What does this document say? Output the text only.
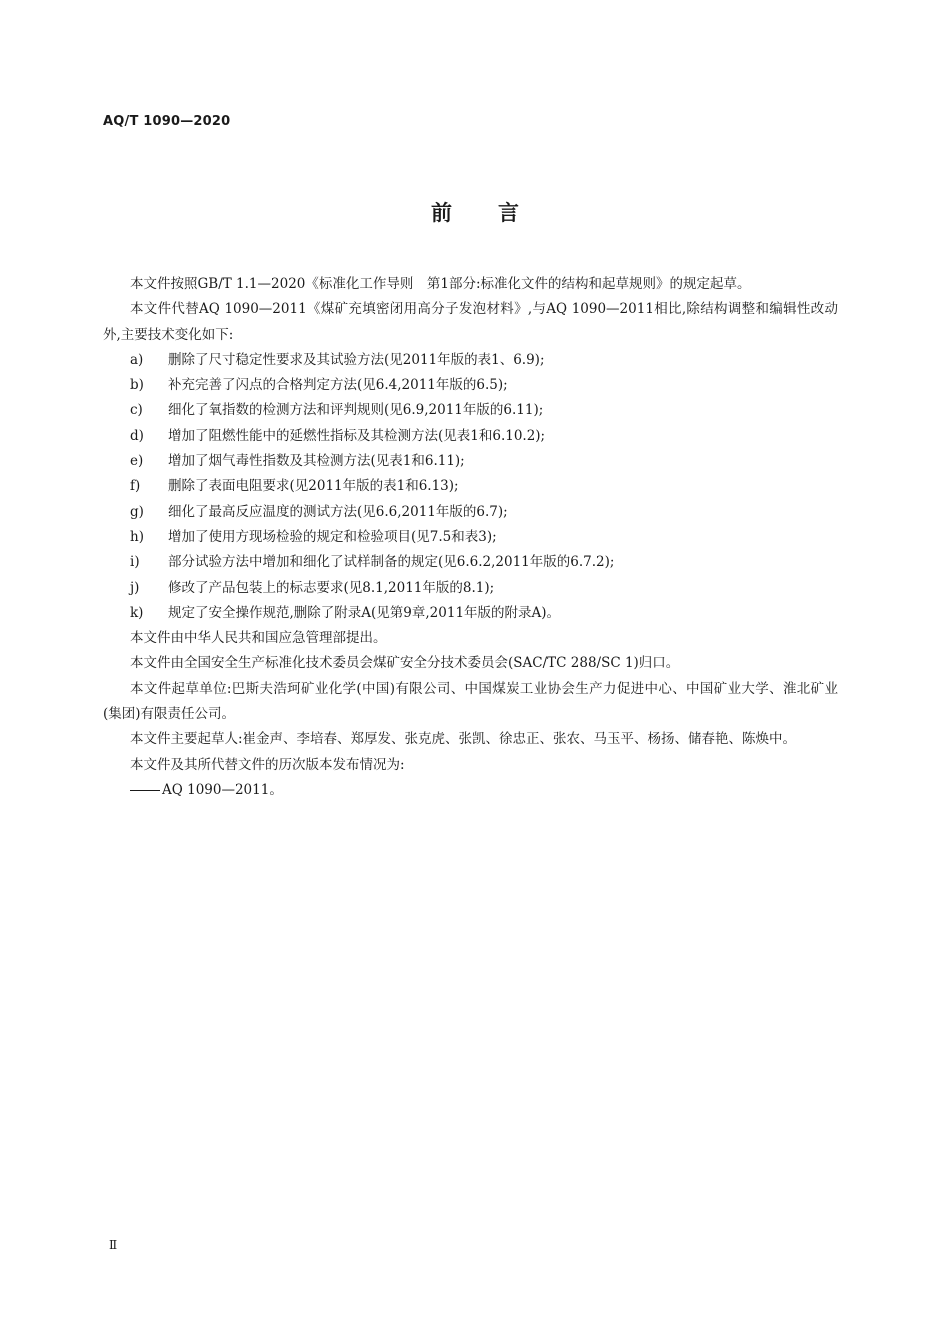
AQ/T 1090—2020
前 言

本文件按照GB/T 1.1—2020《标准化工作导则　第1部分:标准化文件的结构和起草规则》的规定起草。

本文件代替AQ 1090—2011《煤矿充填密闭用高分子发泡材料》,与AQ 1090—2011相比,除结构调整和编辑性改动外,主要技术变化如下:

a)	删除了尺寸稳定性要求及其试验方法(见2011年版的表1、6.9);
b)	补充完善了闪点的合格判定方法(见6.4,2011年版的6.5);
c)	细化了氧指数的检测方法和评判规则(见6.9,2011年版的6.11);
d)	增加了阻燃性能中的延燃性指标及其检测方法(见表1和6.10.2);
e)	增加了烟气毒性指数及其检测方法(见表1和6.11);
f)	删除了表面电阻要求(见2011年版的表1和6.13);
g)	细化了最高反应温度的测试方法(见6.6,2011年版的6.7);
h)	增加了使用方现场检验的规定和检验项目(见7.5和表3);
i)	部分试验方法中增加和细化了试样制备的规定(见6.6.2,2011年版的6.7.2);
j)	修改了产品包装上的标志要求(见8.1,2011年版的8.1);
k)	规定了安全操作规范,删除了附录A(见第9章,2011年版的附录A)。

本文件由中华人民共和国应急管理部提出。

本文件由全国安全生产标准化技术委员会煤矿安全分技术委员会(SAC/TC 288/SC 1)归口。

本文件起草单位:巴斯夫浩珂矿业化学(中国)有限公司、中国煤炭工业协会生产力促进中心、中国矿业大学、淮北矿业(集团)有限责任公司。

本文件主要起草人:崔金声、李培春、郑厚发、张克虎、张凯、徐忠正、张农、马玉平、杨扬、储春艳、陈焕中。

本文件及其所代替文件的历次版本发布情况为:

AQ 1090—2011。
Ⅱ
